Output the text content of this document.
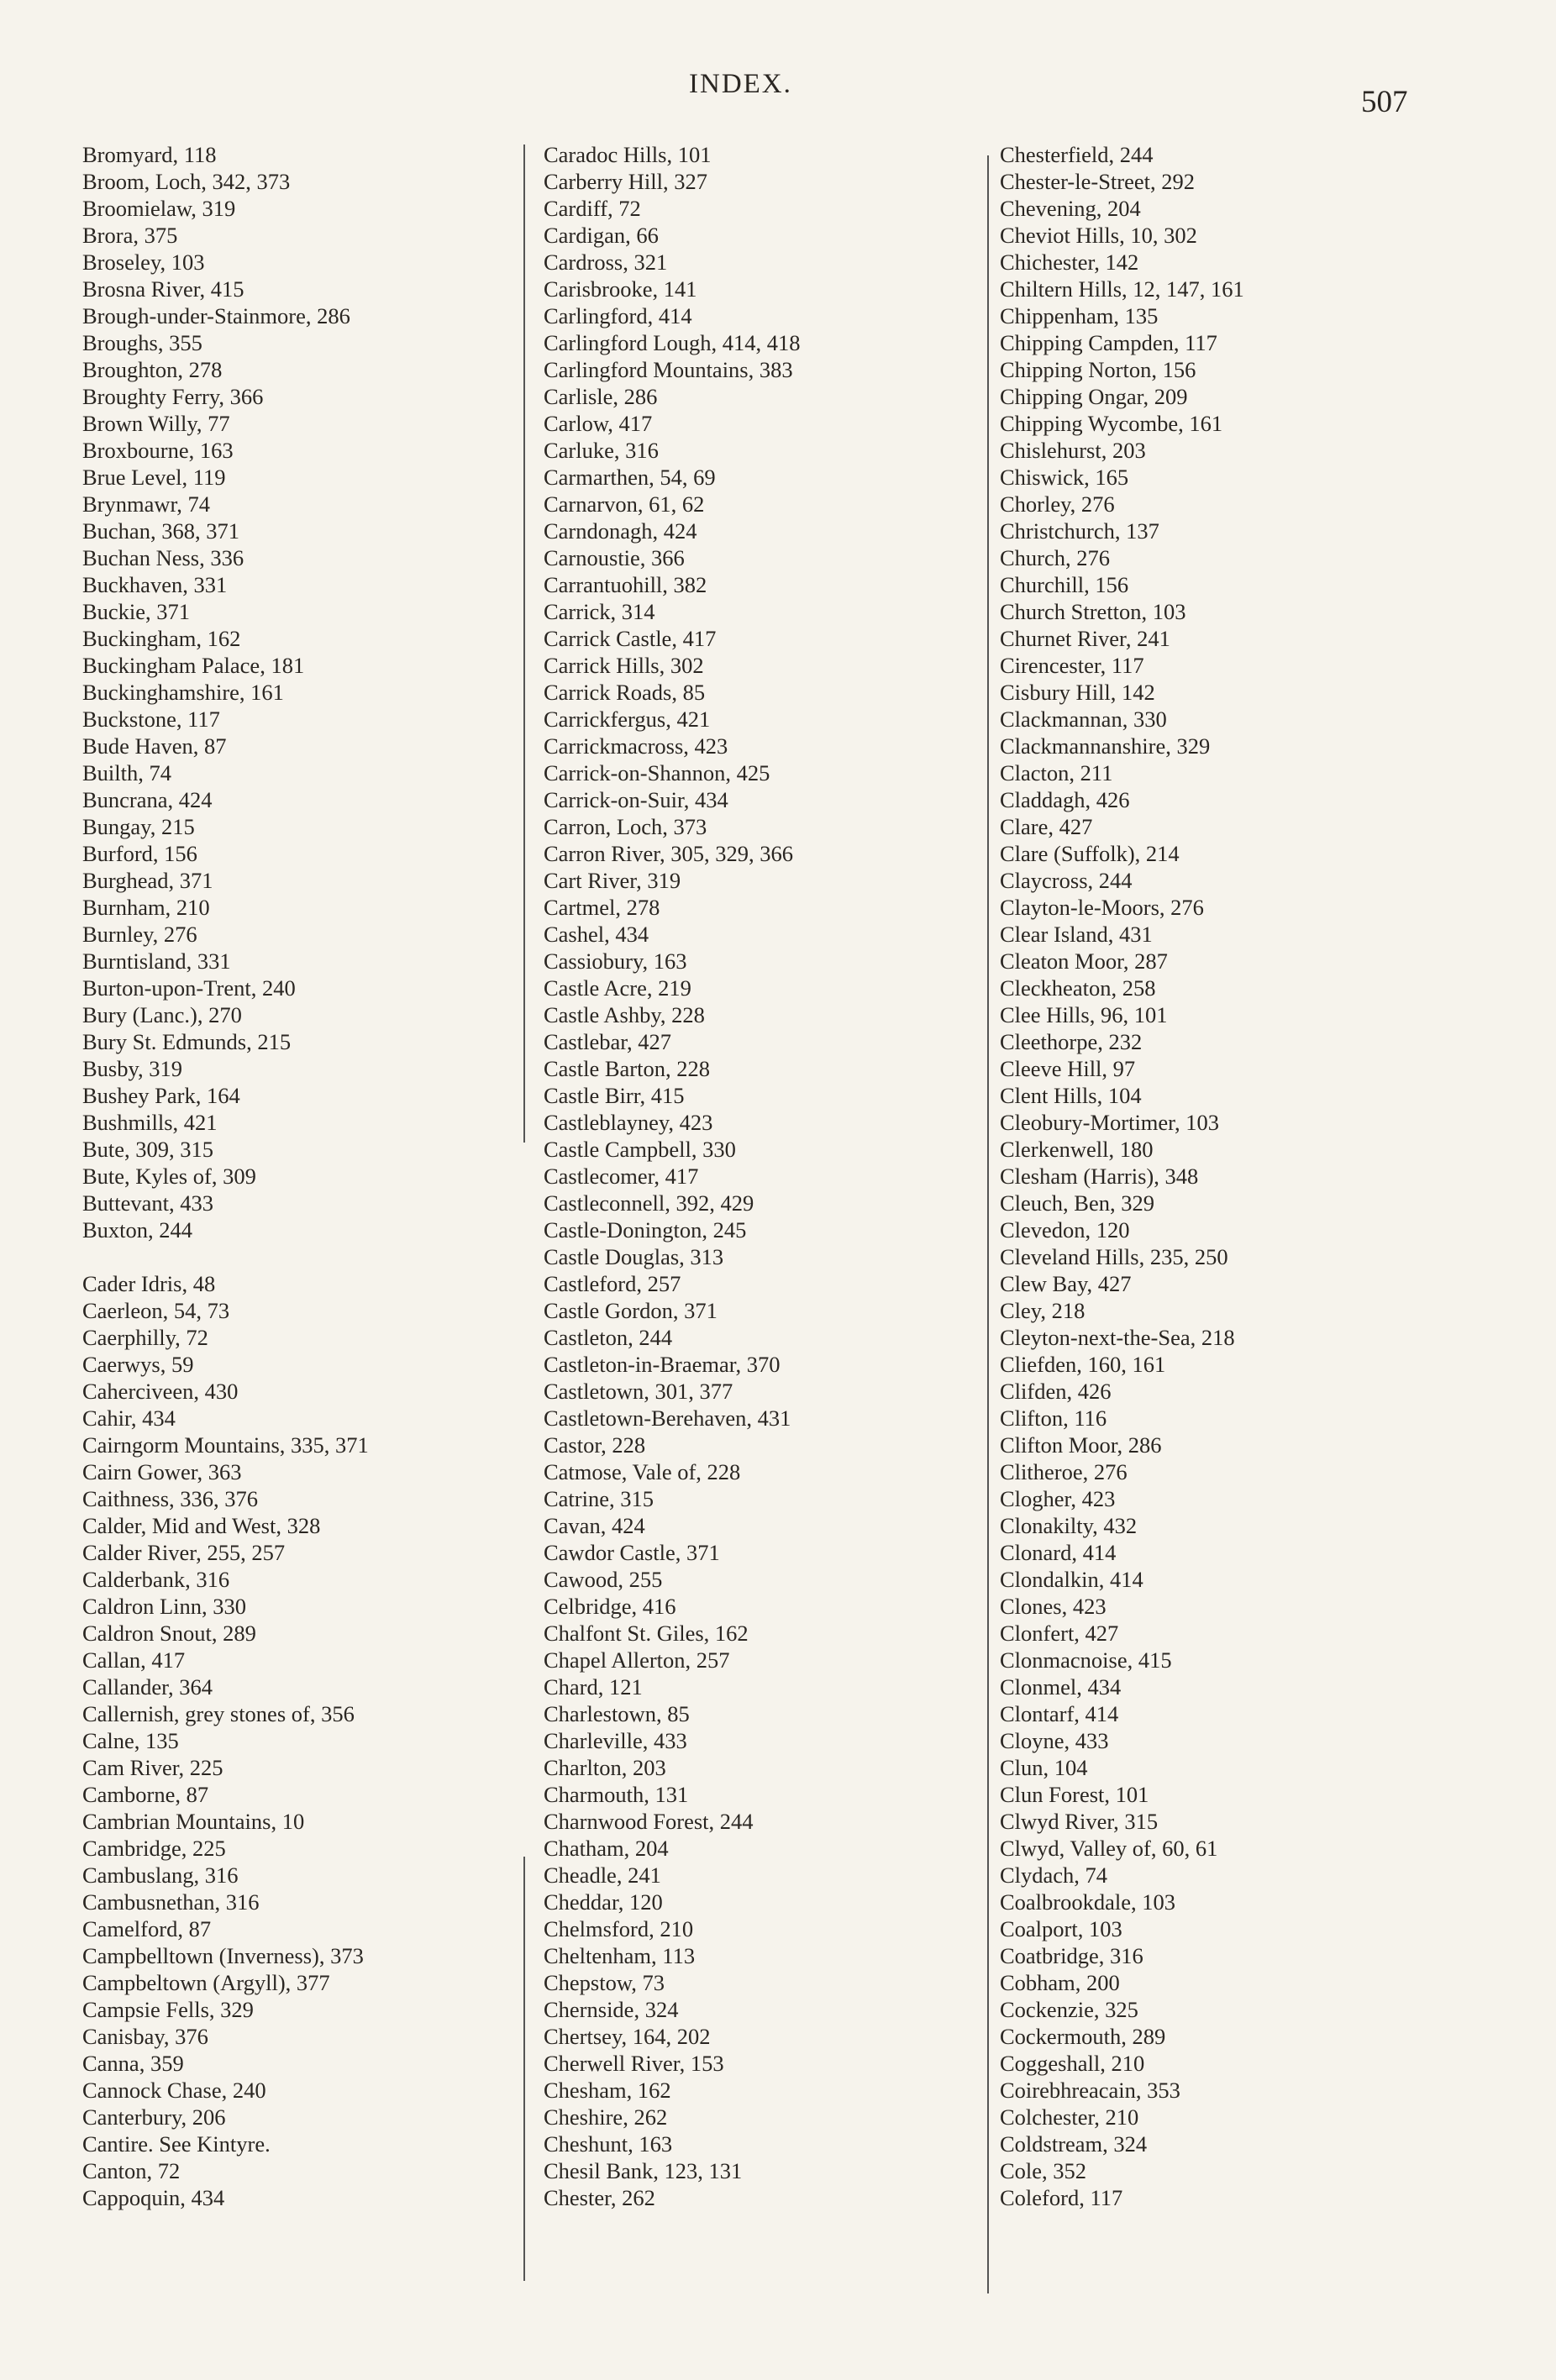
INDEX.
507
Bromyard, 118
Broom, Loch, 342, 373
Broomielaw, 319
Brora, 375
Broseley, 103
Brosna River, 415
Brough-under-Stainmore, 286
Broughs, 355
Broughton, 278
Broughty Ferry, 366
Brown Willy, 77
Broxbourne, 163
Brue Level, 119
Brynmawr, 74
Buchan, 368, 371
Buchan Ness, 336
Buckhaven, 331
Buckie, 371
Buckingham, 162
Buckingham Palace, 181
Buckinghamshire, 161
Buckstone, 117
Bude Haven, 87
Builth, 74
Buncrana, 424
Bungay, 215
Burford, 156
Burghead, 371
Burnham, 210
Burnley, 276
Burntisland, 331
Burton-upon-Trent, 240
Bury (Lanc.), 270
Bury St. Edmunds, 215
Busby, 319
Bushey Park, 164
Bushmills, 421
Bute, 309, 315
Bute, Kyles of, 309
Buttevant, 433
Buxton, 244
Cader Idris, 48
Caerleon, 54, 73
Caerphilly, 72
Caerwys, 59
Caherciveen, 430
Cahir, 434
Cairngorm Mountains, 335, 371
Cairn Gower, 363
Caithness, 336, 376
Calder, Mid and West, 328
Calder River, 255, 257
Calderbank, 316
Caldron Linn, 330
Caldron Snout, 289
Callan, 417
Callander, 364
Callernish, grey stones of, 356
Calne, 135
Cam River, 225
Camborne, 87
Cambrian Mountains, 10
Cambridge, 225
Cambuslang, 316
Cambusnethan, 316
Camelford, 87
Campbelltown (Inverness), 373
Campbeltown (Argyll), 377
Campsie Fells, 329
Canisbay, 376
Canna, 359
Cannock Chase, 240
Canterbury, 206
Cantire. See Kintyre.
Canton, 72
Cappoquin, 434
Caradoc Hills, 101
Carberry Hill, 327
Cardiff, 72
Cardigan, 66
Cardross, 321
Carisbrooke, 141
Carlingford, 414
Carlingford Lough, 414, 418
Carlingford Mountains, 383
Carlisle, 286
Carlow, 417
Carluke, 316
Carmarthen, 54, 69
Carnarvon, 61, 62
Carndonagh, 424
Carnoustie, 366
Carrantuohill, 382
Carrick, 314
Carrick Castle, 417
Carrick Hills, 302
Carrick Roads, 85
Carrickfergus, 421
Carrickmacross, 423
Carrick-on-Shannon, 425
Carrick-on-Suir, 434
Carron, Loch, 373
Carron River, 305, 329, 366
Cart River, 319
Cartmel, 278
Cashel, 434
Cassiobury, 163
Castle Acre, 219
Castle Ashby, 228
Castlebar, 427
Castle Barton, 228
Castle Birr, 415
Castleblayney, 423
Castle Campbell, 330
Castlecomer, 417
Castleconnell, 392, 429
Castle-Donington, 245
Castle Douglas, 313
Castleford, 257
Castle Gordon, 371
Castleton, 244
Castleton-in-Braemar, 370
Castletown, 301, 377
Castletown-Berehaven, 431
Castor, 228
Catmose, Vale of, 228
Catrine, 315
Cavan, 424
Cawdor Castle, 371
Cawood, 255
Celbridge, 416
Chalfont St. Giles, 162
Chapel Allerton, 257
Chard, 121
Charlestown, 85
Charleville, 433
Charlton, 203
Charmouth, 131
Charnwood Forest, 244
Chatham, 204
Cheadle, 241
Cheddar, 120
Chelmsford, 210
Cheltenham, 113
Chepstow, 73
Chernside, 324
Chertsey, 164, 202
Cherwell River, 153
Chesham, 162
Cheshire, 262
Cheshunt, 163
Chesil Bank, 123, 131
Chester, 262
Chesterfield, 244
Chester-le-Street, 292
Chevening, 204
Cheviot Hills, 10, 302
Chichester, 142
Chiltern Hills, 12, 147, 161
Chippenham, 135
Chipping Campden, 117
Chipping Norton, 156
Chipping Ongar, 209
Chipping Wycombe, 161
Chislehurst, 203
Chiswick, 165
Chorley, 276
Christchurch, 137
Church, 276
Churchill, 156
Church Stretton, 103
Churnet River, 241
Cirencester, 117
Cisbury Hill, 142
Clackmannan, 330
Clackmannanshire, 329
Clacton, 211
Claddagh, 426
Clare, 427
Clare (Suffolk), 214
Claycross, 244
Clayton-le-Moors, 276
Clear Island, 431
Cleaton Moor, 287
Cleckheaton, 258
Clee Hills, 96, 101
Cleethorpe, 232
Cleeve Hill, 97
Clent Hills, 104
Cleobury-Mortimer, 103
Clerkenwell, 180
Clesham (Harris), 348
Cleuch, Ben, 329
Clevedon, 120
Cleveland Hills, 235, 250
Clew Bay, 427
Cley, 218
Cleyton-next-the-Sea, 218
Cliefden, 160, 161
Clifden, 426
Clifton, 116
Clifton Moor, 286
Clitheroe, 276
Clogher, 423
Clonakilty, 432
Clonard, 414
Clondalkin, 414
Clones, 423
Clonfert, 427
Clonmacnoise, 415
Clonmel, 434
Clontarf, 414
Cloyne, 433
Clun, 104
Clun Forest, 101
Clwyd River, 315
Clwyd, Valley of, 60, 61
Clydach, 74
Coalbrookdale, 103
Coalport, 103
Coatbridge, 316
Cobham, 200
Cockenzie, 325
Cockermouth, 289
Coggeshall, 210
Coirebhreacain, 353
Colchester, 210
Coldstream, 324
Cole, 352
Coleford, 117
